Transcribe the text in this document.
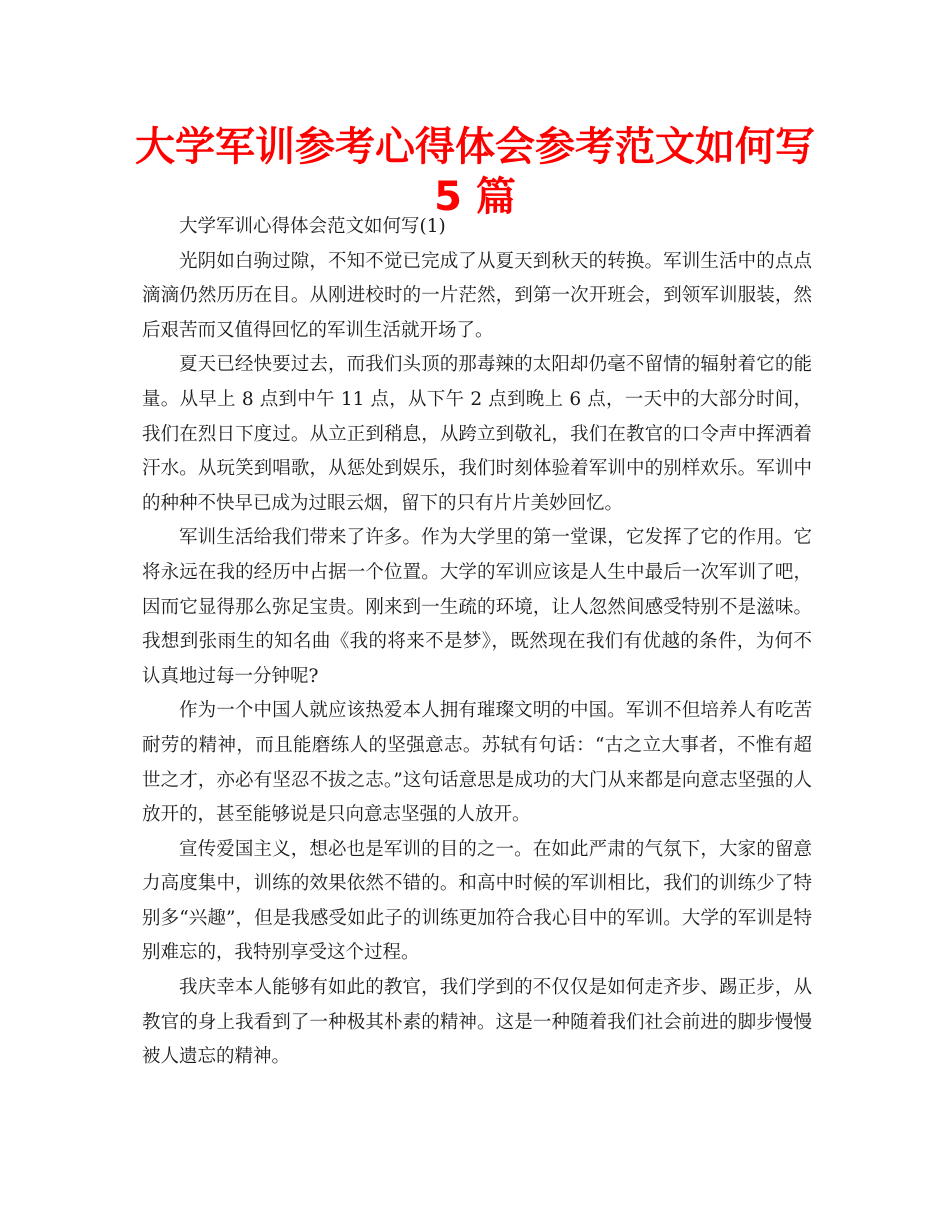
大学军训参考心得体会参考范文如何写 5 篇

大学军训心得体会范文如何写(1)

光阴如白驹过隙，不知不觉已完成了从夏天到秋天的转换。军训生活中的点点滴滴仍然历历在目。从刚进校时的一片茫然，到第一次开班会，到领军训服装，然后艰苦而又值得回忆的军训生活就开场了。

夏天已经快要过去，而我们头顶的那毒辣的太阳却仍毫不留情的辐射着它的能量。从早上 8 点到中午 11 点，从下午 2 点到晚上 6 点，一天中的大部分时间，我们在烈日下度过。从立正到稍息，从跨立到敬礼，我们在教官的口令声中挥洒着汗水。从玩笑到唱歌，从惩处到娱乐，我们时刻体验着军训中的别样欢乐。军训中的种种不快早已成为过眼云烟，留下的只有片片美妙回忆。

军训生活给我们带来了许多。作为大学里的第一堂课，它发挥了它的作用。它将永远在我的经历中占据一个位置。大学的军训应该是人生中最后一次军训了吧，因而它显得那么弥足宝贵。刚来到一生疏的环境，让人忽然间感受特别不是滋味。我想到张雨生的知名曲《我的将来不是梦》，既然现在我们有优越的条件，为何不认真地过每一分钟呢?

作为一个中国人就应该热爱本人拥有璀璨文明的中国。军训不但培养人有吃苦耐劳的精神，而且能磨练人的坚强意志。苏轼有句话：“古之立大事者，不惟有超世之才，亦必有坚忍不拔之志。”这句话意思是成功的大门从来都是向意志坚强的人放开的，甚至能够说是只向意志坚强的人放开。

宣传爱国主义，想必也是军训的目的之一。在如此严肃的气氛下，大家的留意力高度集中，训练的效果依然不错的。和高中时候的军训相比，我们的训练少了特别多“兴趣”，但是我感受如此子的训练更加符合我心目中的军训。大学的军训是特别难忘的，我特别享受这个过程。

我庆幸本人能够有如此的教官，我们学到的不仅仅是如何走齐步、踢正步，从教官的身上我看到了一种极其朴素的精神。这是一种随着我们社会前进的脚步慢慢被人遗忘的精神。
